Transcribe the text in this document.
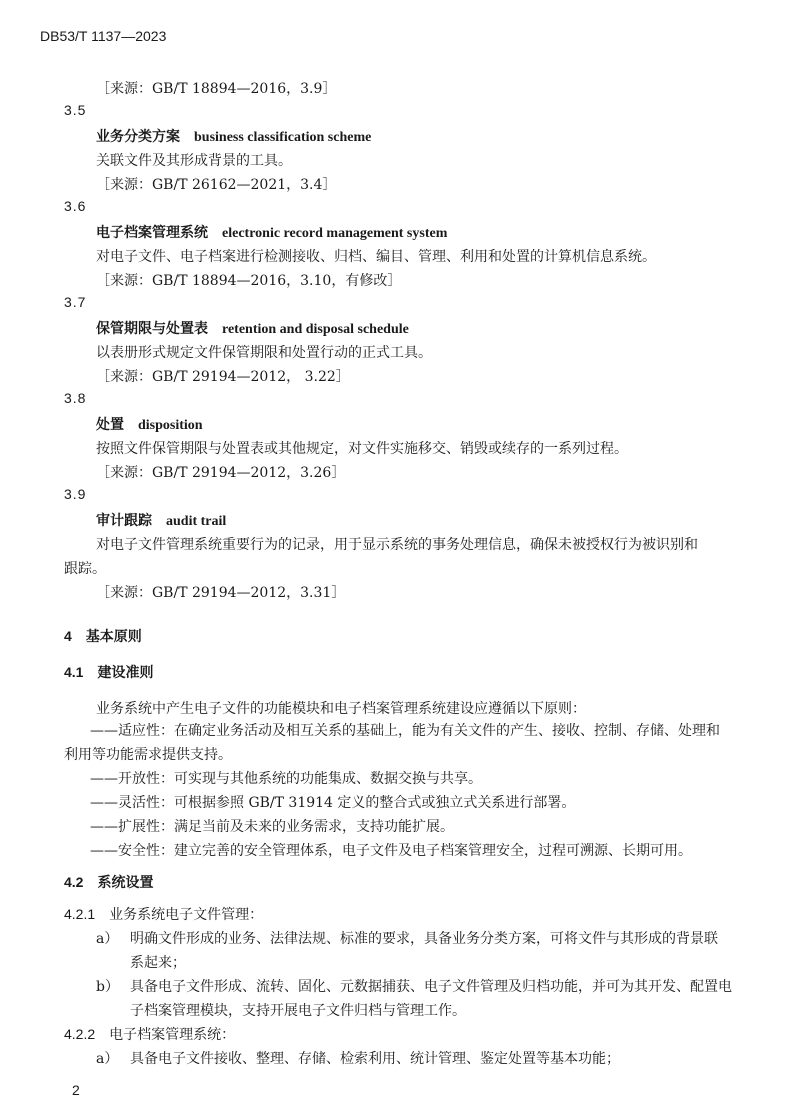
DB53/T 1137—2023
［来源：GB/T 18894—2016，3.9］
3.5
业务分类方案 business classification scheme
关联文件及其形成背景的工具。
［来源：GB/T 26162—2021，3.4］
3.6
电子档案管理系统 electronic record management system
对电子文件、电子档案进行检测接收、归档、编目、管理、利用和处置的计算机信息系统。
［来源：GB/T 18894—2016，3.10，有修改］
3.7
保管期限与处置表 retention and disposal schedule
以表册形式规定文件保管期限和处置行动的正式工具。
［来源：GB/T 29194—2012， 3.22］
3.8
处置 disposition
按照文件保管期限与处置表或其他规定，对文件实施移交、销毁或续存的一系列过程。
［来源：GB/T 29194—2012，3.26］
3.9
审计跟踪 audit trail
对电子文件管理系统重要行为的记录，用于显示系统的事务处理信息，确保未被授权行为被识别和
跟踪。
［来源：GB/T 29194—2012，3.31］
4 基本原则
4.1 建设准则
业务系统中产生电子文件的功能模块和电子档案管理系统建设应遵循以下原则：
——适应性：在确定业务活动及相互关系的基础上，能为有关文件的产生、接收、控制、存储、处理和
利用等功能需求提供支持。
——开放性：可实现与其他系统的功能集成、数据交换与共享。
——灵活性：可根据参照 GB/T 31914 定义的整合式或独立式关系进行部署。
——扩展性：满足当前及未来的业务需求，支持功能扩展。
——安全性：建立完善的安全管理体系，电子文件及电子档案管理安全，过程可溯源、长期可用。
4.2 系统设置
4.2.1 业务系统电子文件管理：
a） 明确文件形成的业务、法律法规、标准的要求，具备业务分类方案，可将文件与其形成的背景联
系起来；
b） 具备电子文件形成、流转、固化、元数据捕获、电子文件管理及归档功能，并可为其开发、配置电
子档案管理模块，支持开展电子文件归档与管理工作。
4.2.2 电子档案管理系统：
a） 具备电子文件接收、整理、存储、检索利用、统计管理、鉴定处置等基本功能；
2
